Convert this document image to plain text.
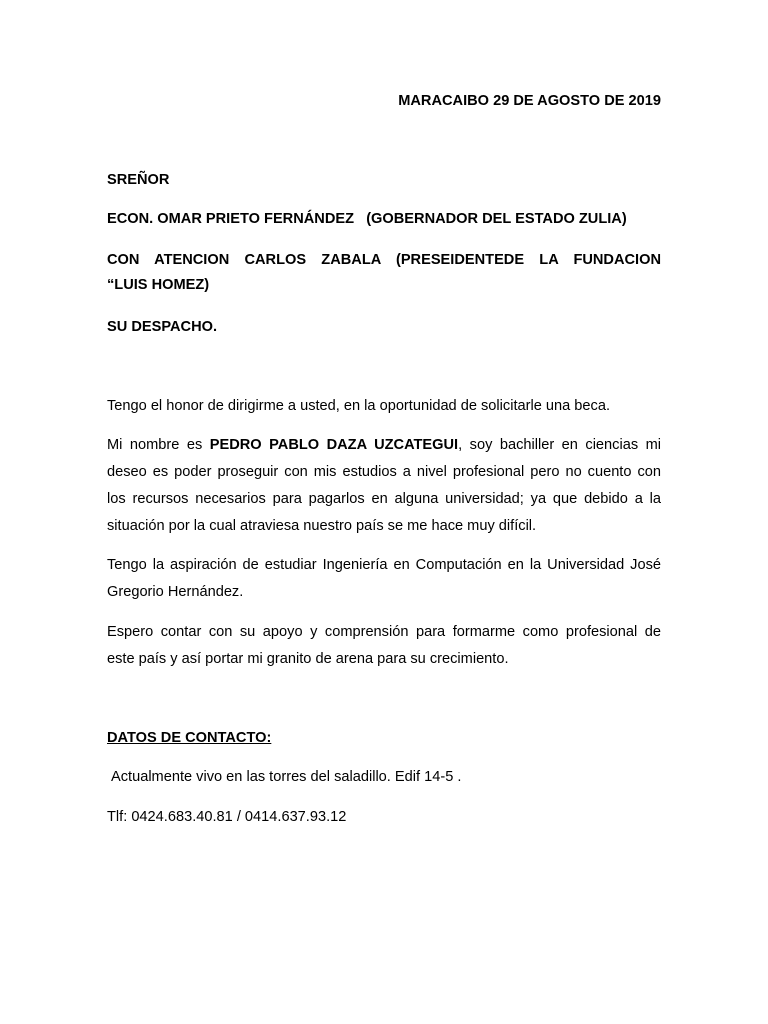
MARACAIBO 29 DE AGOSTO DE 2019
SREÑOR
ECON. OMAR PRIETO FERNÁNDEZ   (GOBERNADOR DEL ESTADO ZULIA)
CON ATENCION CARLOS ZABALA (PRESEIDENTEDE LA FUNDACION
“LUIS HOMEZ)
SU DESPACHO.
Tengo el honor de dirigirme a usted, en la oportunidad de solicitarle una beca.
Mi nombre es PEDRO PABLO DAZA UZCATEGUI, soy bachiller en ciencias mi
deseo es poder proseguir con mis estudios a nivel profesional pero no cuento con
los recursos necesarios para pagarlos en alguna universidad; ya que debido a la
situación por la cual atraviesa nuestro país se me hace muy difícil.
Tengo la aspiración de estudiar Ingeniería en Computación en la Universidad José
Gregorio Hernández.
Espero contar con su apoyo y comprensión para formarme como profesional de
este país y así portar mi granito de arena para su crecimiento.
DATOS DE CONTACTO:
Actualmente vivo en las torres del saladillo. Edif 14-5 .
Tlf: 0424.683.40.81 / 0414.637.93.12
